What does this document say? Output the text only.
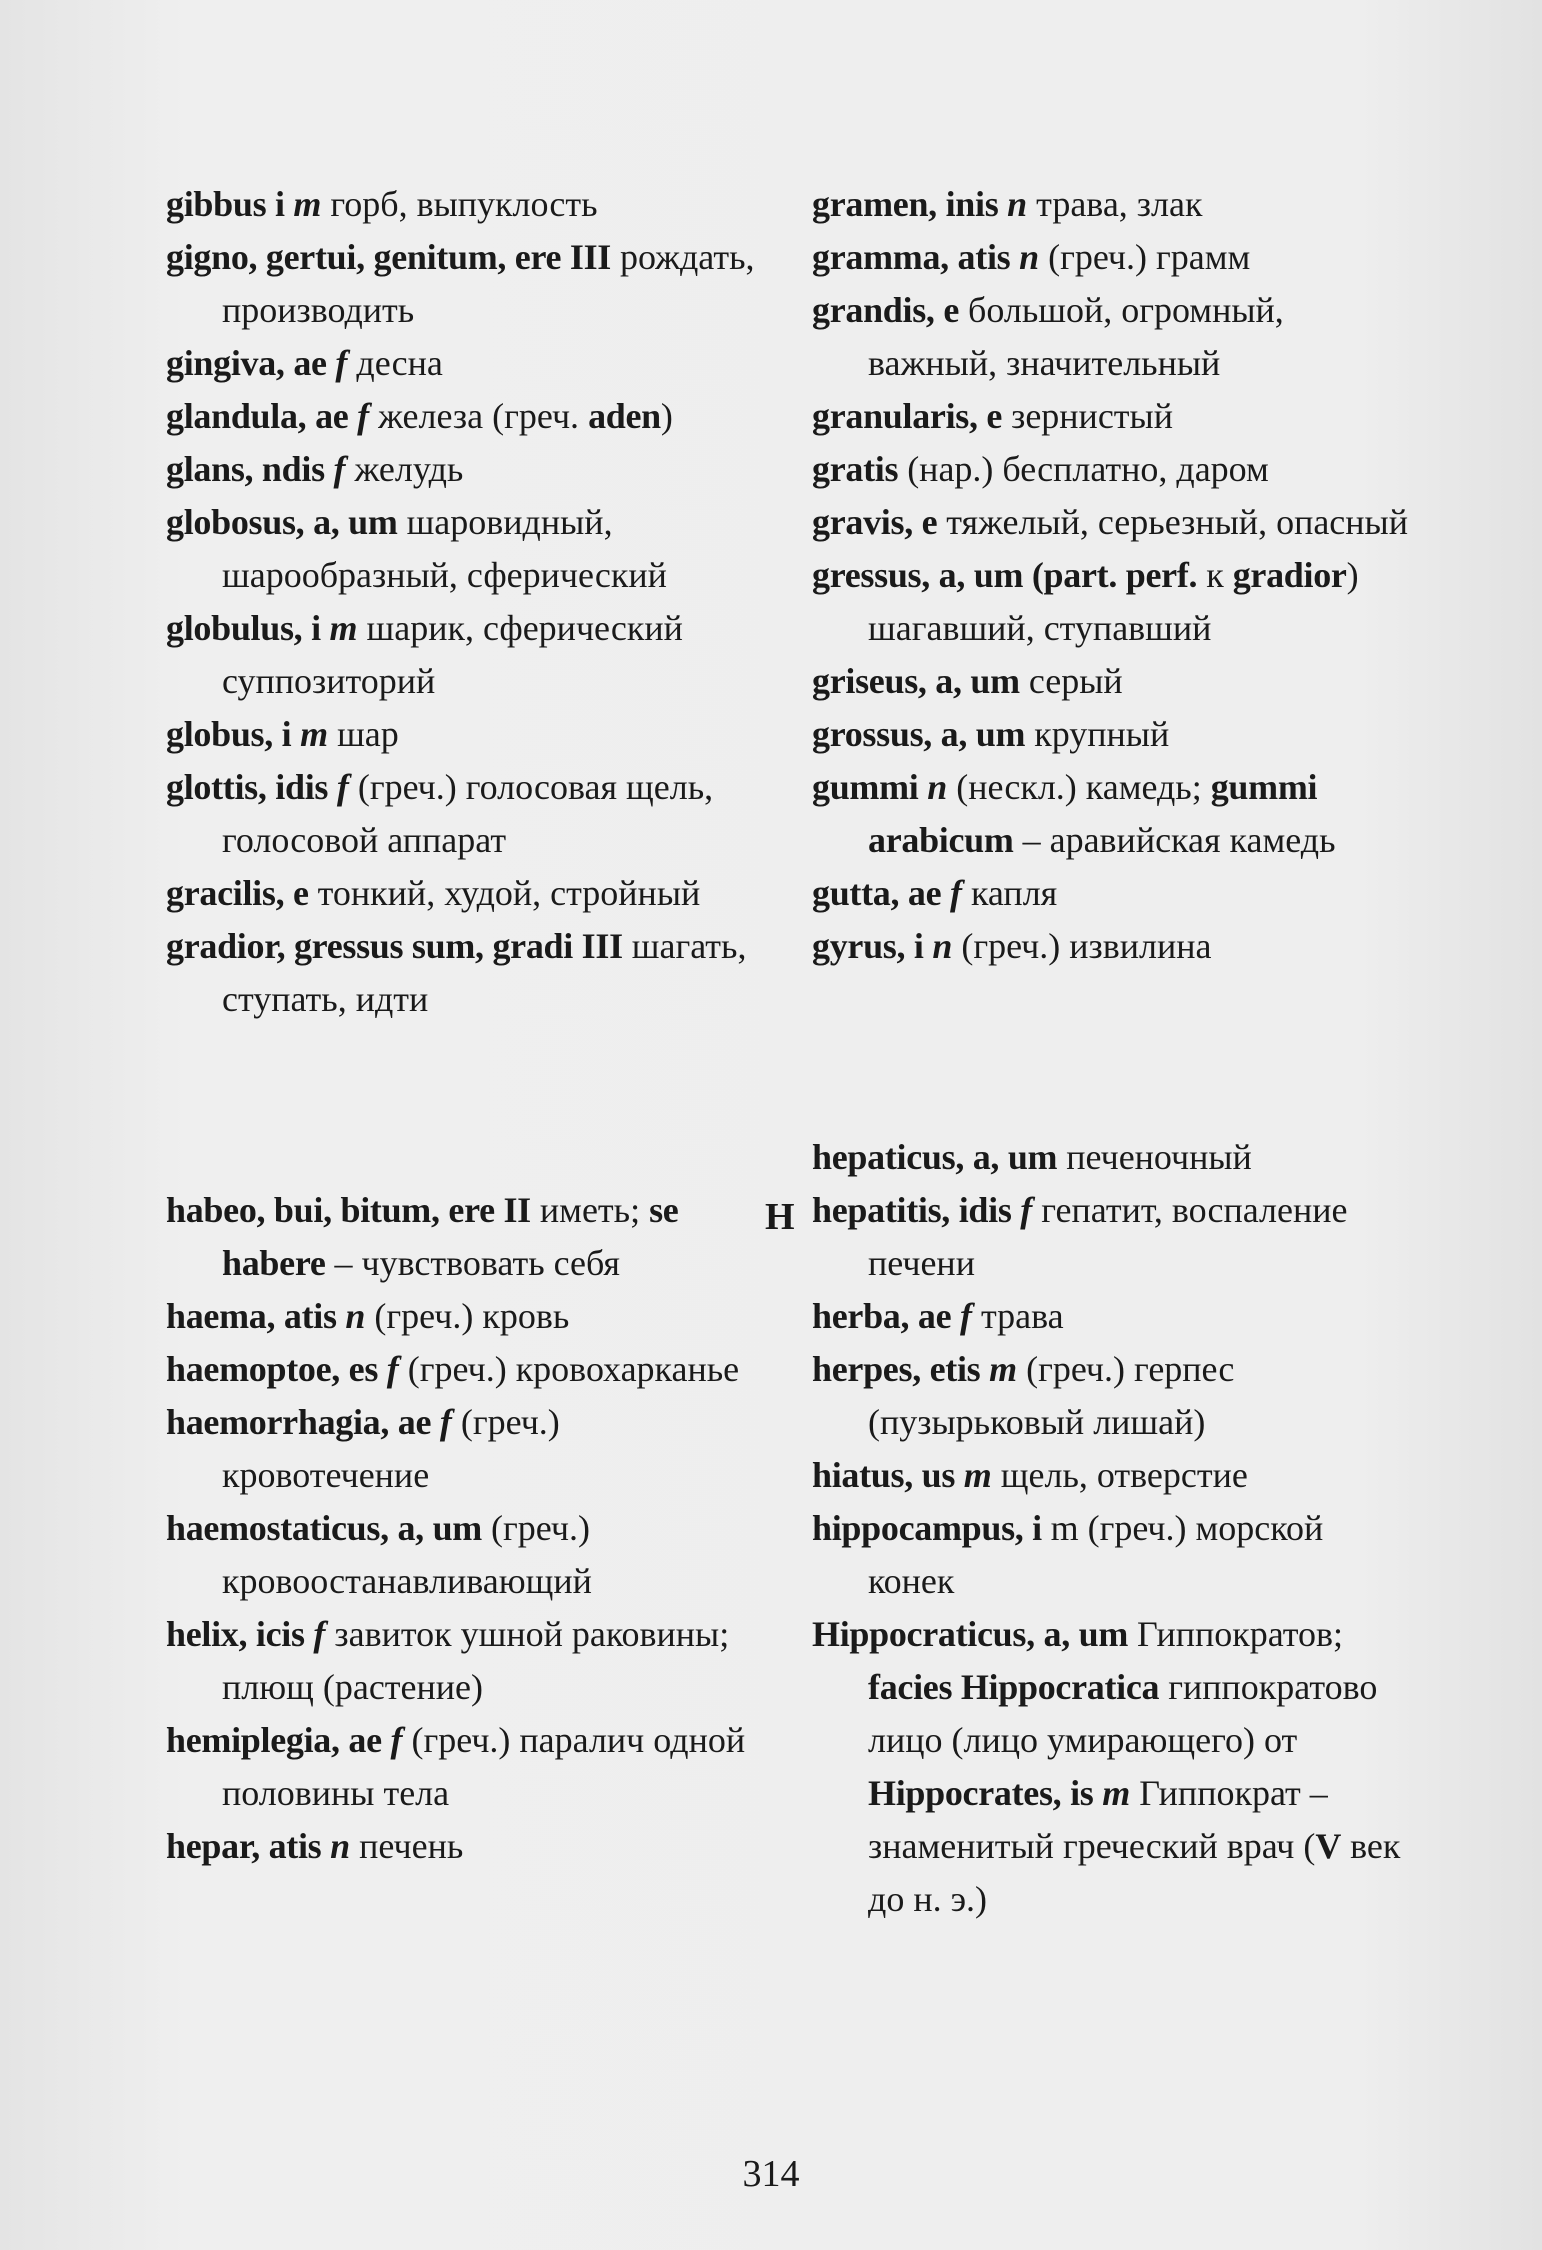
gibbus i m горб, выпуклость

gigno, gertui, genitum, ere III рождать, производить

gingiva, ae f десна

glandula, ae f железа (греч. aden)

glans, ndis f желудь

globosus, a, um шаровидный, шарообразный, сферический

globulus, i m шарик, сферический суппозиторий

globus, i m шар

glottis, idis f (греч.) голосовая щель, голосовой аппарат

gracilis, e тонкий, худой, стройный

gradior, gressus sum, gradi III шагать, ступать, идти

habeo, bui, bitum, ere II иметь; se habere – чувствовать себя

haema, atis n (греч.) кровь

haemoptoe, es f (греч.) кровохарканье

haemorrhagia, ae f (греч.) кровотечение

haemostaticus, a, um (греч.) кровоостанавливающий

helix, icis f завиток ушной раковины; плющ (растение)

hemiplegia, ae f (греч.) паралич одной половины тела

hepar, atis n печень

H

gramen, inis n трава, злак

gramma, atis n (греч.) грамм

grandis, e большой, огромный, важный, значительный

granularis, e зернистый

gratis (нар.) бесплатно, даром

gravis, e тяжелый, серьезный, опасный

gressus, a, um (part. perf. к gradior) шагавший, ступавший

griseus, a, um серый

grossus, a, um крупный

gummi n (нескл.) камедь; gummi arabicum – аравийская камедь

gutta, ae f капля

gyrus, i n (греч.) извилина

hepaticus, a, um печеночный

hepatitis, idis f гепатит, воспаление печени

herba, ae f трава

herpes, etis m (греч.) герпес (пузырьковый лишай)

hiatus, us m щель, отверстие

hippocampus, i m (греч.) морской конек

Hippocraticus, a, um Гиппократов; facies Hippocratica гиппократово лицо (лицо умирающего) от Hippocrates, is m Гиппократ – знаменитый греческий врач (V век до н. э.)

314
